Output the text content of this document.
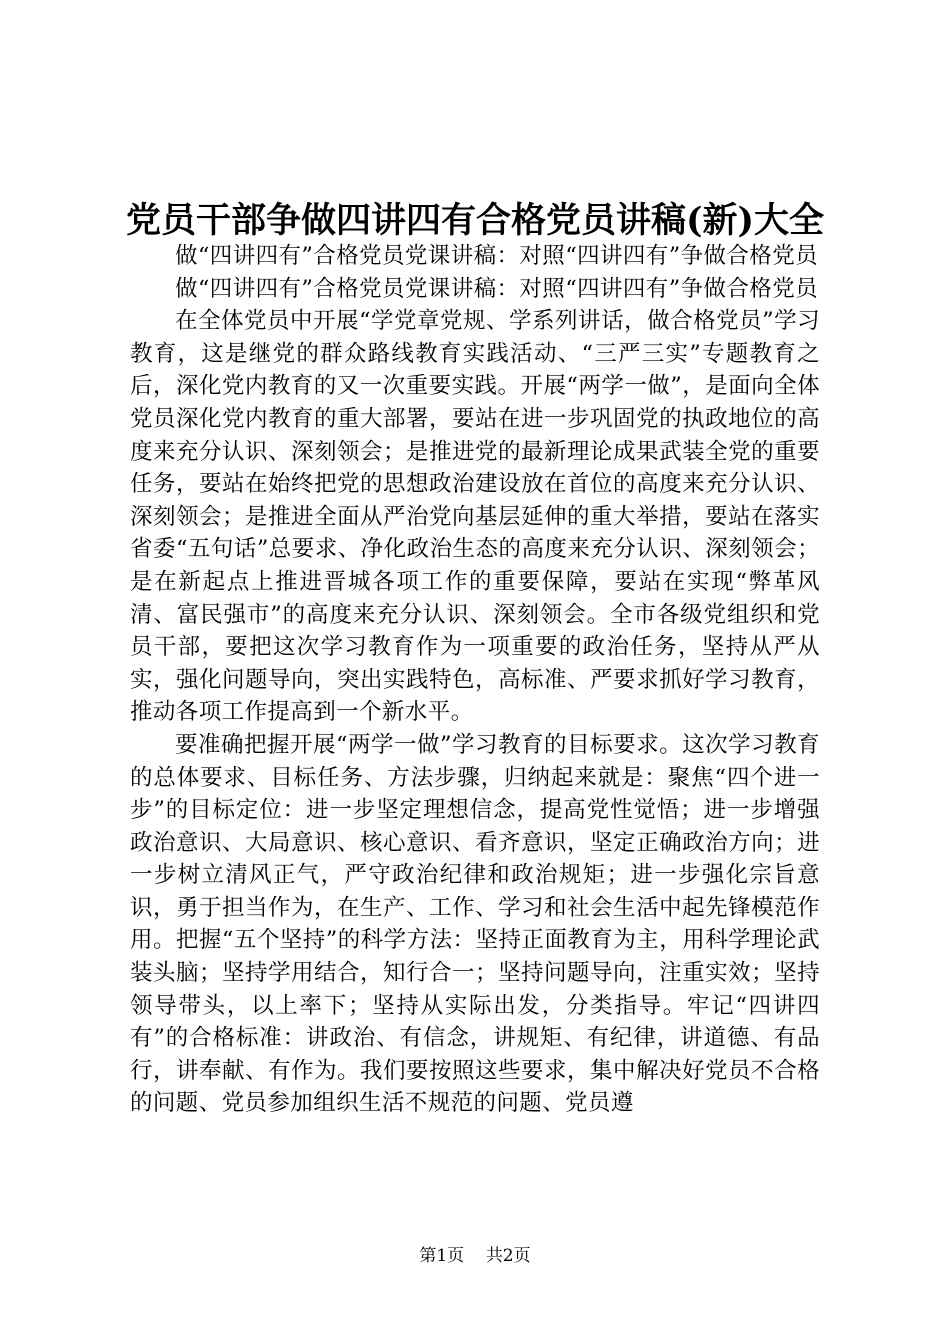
党员干部争做四讲四有合格党员讲稿(新)大全

做“四讲四有”合格党员党课讲稿：对照“四讲四有”争做合格党员

做“四讲四有”合格党员党课讲稿：对照“四讲四有”争做合格党员

在全体党员中开展“学党章党规、学系列讲话，做合格党员”学习教育，这是继党的群众路线教育实践活动、“三严三实”专题教育之后，深化党内教育的又一次重要实践。开展“两学一做”，是面向全体党员深化党内教育的重大部署，要站在进一步巩固党的执政地位的高度来充分认识、深刻领会；是推进党的最新理论成果武装全党的重要任务，要站在始终把党的思想政治建设放在首位的高度来充分认识、深刻领会；是推进全面从严治党向基层延伸的重大举措，要站在落实省委“五句话”总要求、净化政治生态的高度来充分认识、深刻领会；是在新起点上推进晋城各项工作的重要保障，要站在实现“弊革风清、富民强市”的高度来充分认识、深刻领会。全市各级党组织和党员干部，要把这次学习教育作为一项重要的政治任务，坚持从严从实，强化问题导向，突出实践特色，高标准、严要求抓好学习教育，推动各项工作提高到一个新水平。

要准确把握开展“两学一做”学习教育的目标要求。这次学习教育的总体要求、目标任务、方法步骤，归纳起来就是：聚焦“四个进一步”的目标定位：进一步坚定理想信念，提高党性觉悟；进一步增强政治意识、大局意识、核心意识、看齐意识，坚定正确政治方向；进一步树立清风正气，严守政治纪律和政治规矩；进一步强化宗旨意识，勇于担当作为，在生产、工作、学习和社会生活中起先锋模范作用。把握“五个坚持”的科学方法：坚持正面教育为主，用科学理论武装头脑；坚持学用结合，知行合一；坚持问题导向，注重实效；坚持领导带头，以上率下；坚持从实际出发，分类指导。牢记“四讲四有”的合格标准：讲政治、有信念，讲规矩、有纪律，讲道德、有品行，讲奉献、有作为。我们要按照这些要求，集中解决好党员不合格的问题、党员参加组织生活不规范的问题、党员遵

第1页 共2页
